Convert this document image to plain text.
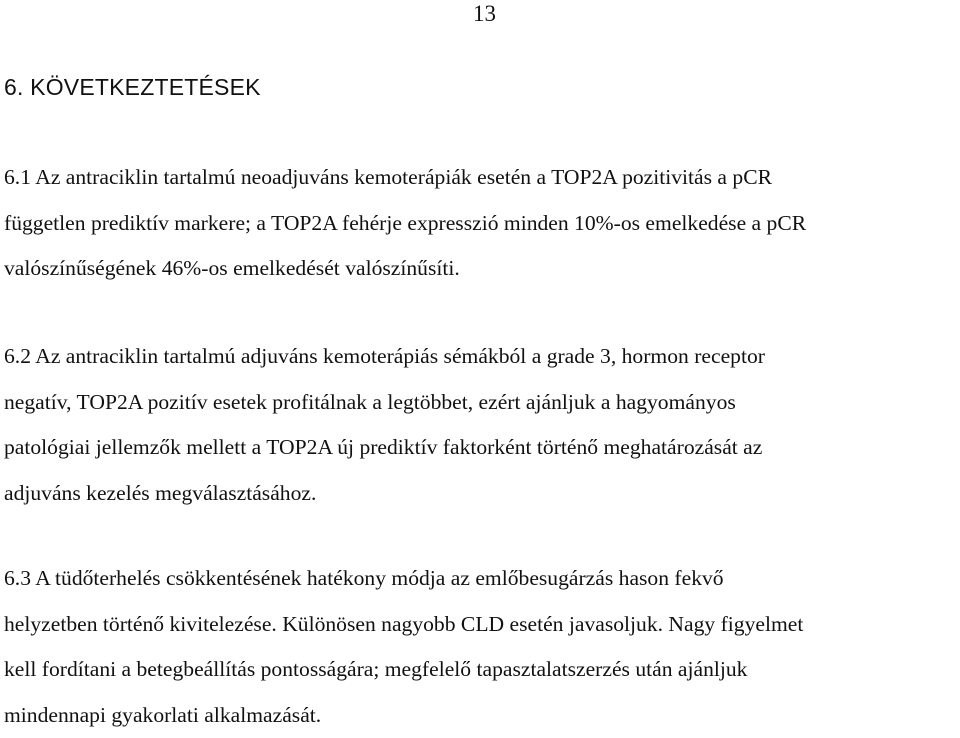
13
6. KÖVETKEZTETÉSEK
6.1 Az antraciklin tartalmú neoadjuváns kemoterápiák esetén a TOP2A pozitivitás a pCR
független prediktív markere; a TOP2A fehérje expresszió minden 10%-os emelkedése a pCR
valószínűségének 46%-os emelkedését valószínűsíti.
6.2 Az antraciklin tartalmú adjuváns kemoterápiás sémákból a grade 3, hormon receptor
negatív, TOP2A pozitív esetek profitálnak a legtöbbet, ezért ajánljuk a hagyományos
patológiai jellemzők mellett a TOP2A új prediktív faktorként történő meghatározását az
adjuváns kezelés megválasztásához.
6.3 A tüdőterhelés csökkentésének hatékony módja az emlőbesugárzás hason fekvő
helyzetben történő kivitelezése. Különösen nagyobb CLD esetén javasoljuk. Nagy figyelmet
kell fordítani a betegbeállítás pontosságára; megfelelő tapasztalatszerzés után ajánljuk
mindennapi gyakorlati alkalmazását.
